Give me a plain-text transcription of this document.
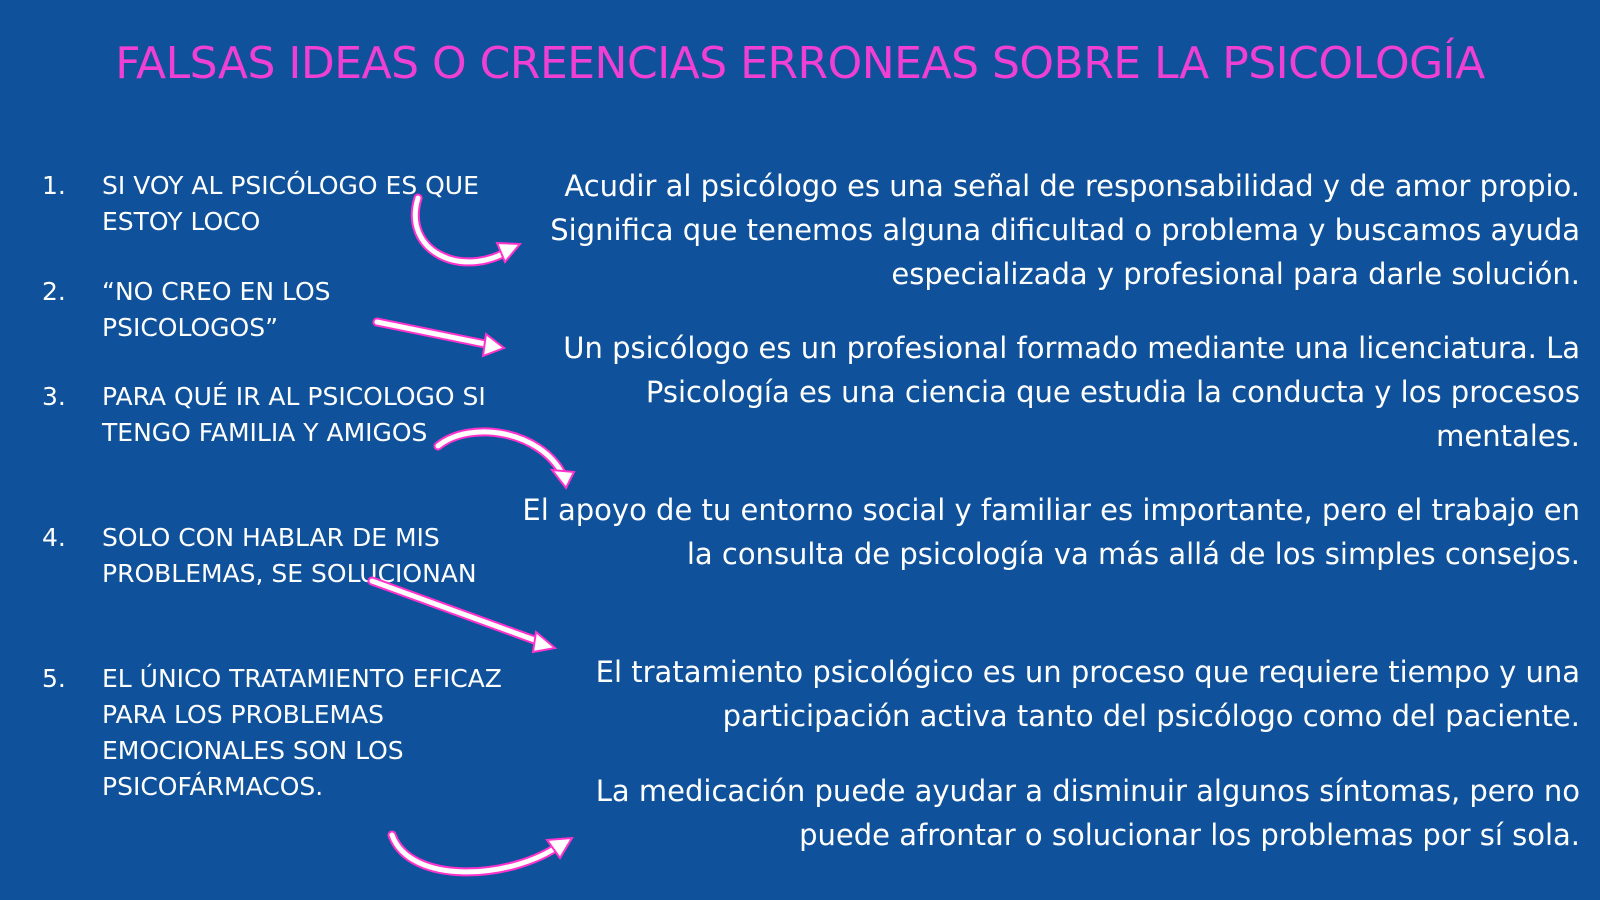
FALSAS IDEAS O CREENCIAS ERRONEAS SOBRE LA PSICOLOGÍA
1.	SI VOY AL PSICÓLOGO ES QUE ESTOY LOCO
2.	“NO CREO EN LOS PSICOLOGOS”
3.	PARA QUÉ IR AL PSICOLOGO SI TENGO FAMILIA Y AMIGOS
4.	SOLO CON HABLAR DE MIS PROBLEMAS, SE SOLUCIONAN
5.	EL ÚNICO TRATAMIENTO EFICAZ PARA LOS PROBLEMAS EMOCIONALES SON LOS PSICOFÁRMACOS.
Acudir al psicólogo es una señal de responsabilidad y de amor propio. Significa que tenemos alguna dificultad o problema y buscamos ayuda especializada y profesional para darle solución.
Un psicólogo es un profesional formado mediante una licenciatura. La Psicología es una ciencia que estudia la conducta y los procesos mentales.
El apoyo de tu entorno social y familiar es importante, pero el trabajo en la consulta de psicología va más allá de los simples consejos.
El tratamiento psicológico es un proceso que requiere tiempo y una participación activa tanto del psicólogo como del paciente.
La medicación puede ayudar a disminuir algunos síntomas, pero no puede afrontar o solucionar los problemas por sí sola.
